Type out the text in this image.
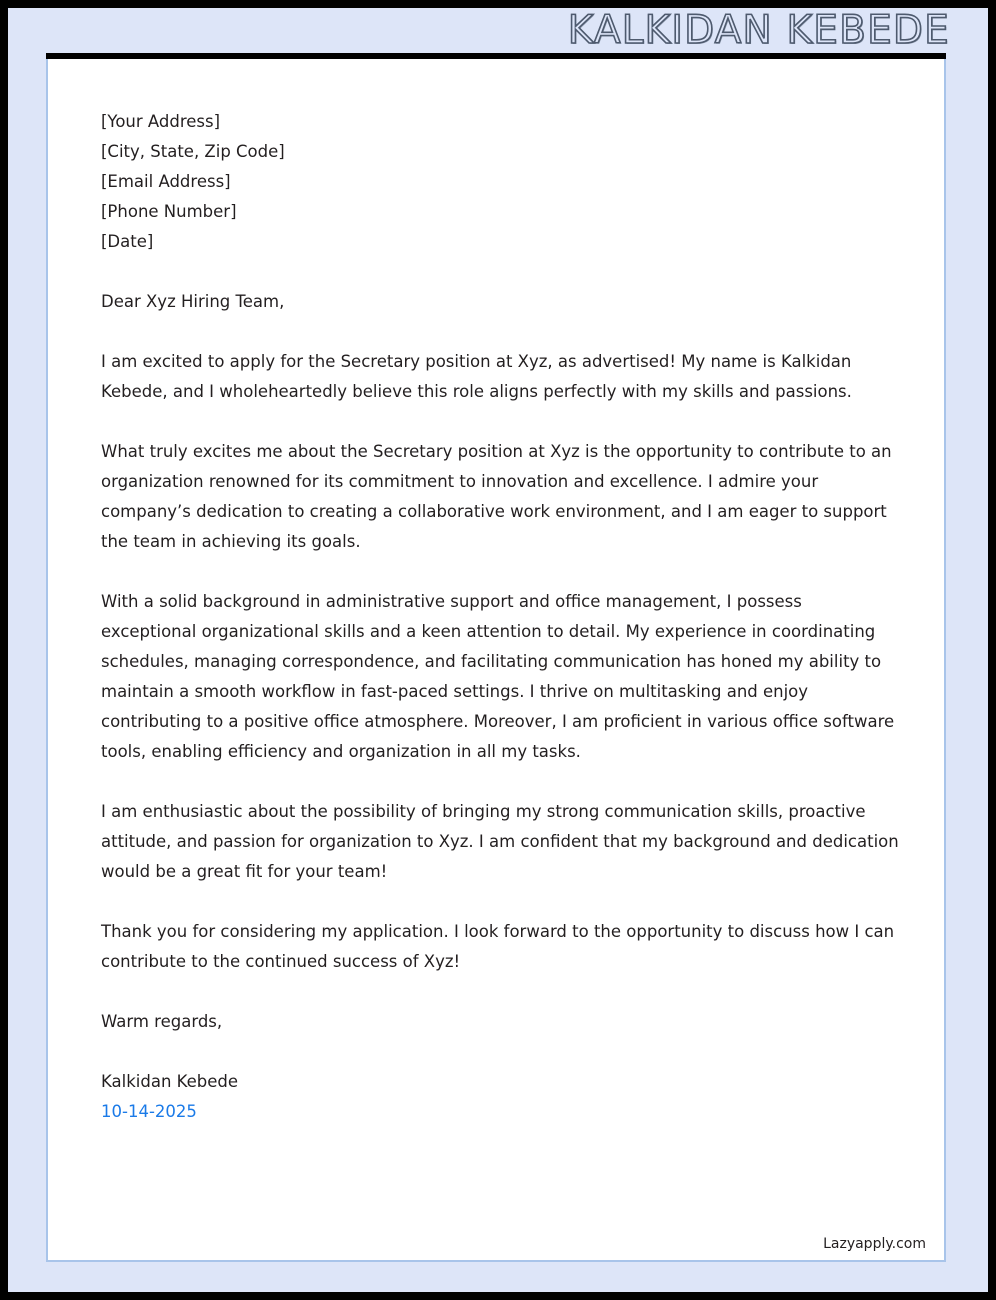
KALKIDAN KEBEDE
[Your Address]
[City, State, Zip Code]
[Email Address]
[Phone Number]
[Date]
Dear Xyz Hiring Team,

I am excited to apply for the Secretary position at Xyz, as advertised! My name is Kalkidan Kebede, and I wholeheartedly believe this role aligns perfectly with my skills and passions.

What truly excites me about the Secretary position at Xyz is the opportunity to contribute to an organization renowned for its commitment to innovation and excellence. I admire your company’s dedication to creating a collaborative work environment, and I am eager to support the team in achieving its goals.

With a solid background in administrative support and office management, I possess exceptional organizational skills and a keen attention to detail. My experience in coordinating schedules, managing correspondence, and facilitating communication has honed my ability to maintain a smooth workflow in fast-paced settings. I thrive on multitasking and enjoy contributing to a positive office atmosphere. Moreover, I am proficient in various office software tools, enabling efficiency and organization in all my tasks.

I am enthusiastic about the possibility of bringing my strong communication skills, proactive attitude, and passion for organization to Xyz. I am confident that my background and dedication would be a great fit for your team!

Thank you for considering my application. I look forward to the opportunity to discuss how I can contribute to the continued success of Xyz!

Warm regards,
Kalkidan Kebede
10-14-2025
Lazyapply.com
